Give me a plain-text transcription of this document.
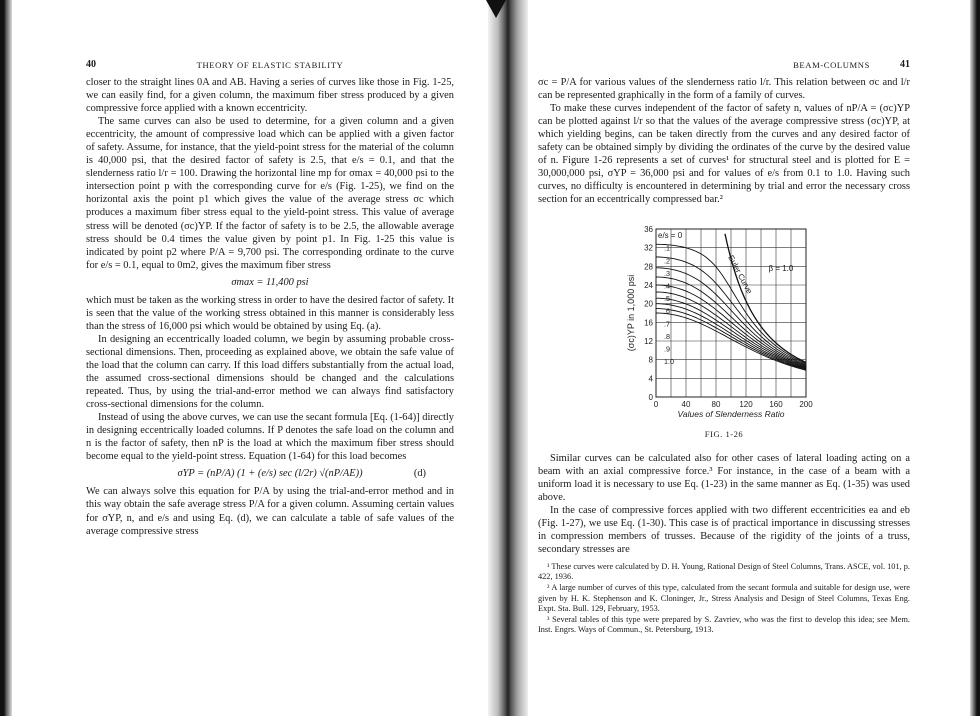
40	THEORY OF ELASTIC STABILITY

closer to the straight lines 0A and AB. Having a series of curves like those in Fig. 1-25, we can easily find, for a given column, the maximum fiber stress produced by a given compressive force applied with a known eccentricity.

The same curves can also be used to determine, for a given column and a given eccentricity, the amount of compressive load which can be applied with a given factor of safety. Assume, for instance, that the yield-point stress for the material of the column is 40,000 psi, that the desired factor of safety is 2.5, that e/s = 0.1, and that the slenderness ratio l/r = 100. Drawing the horizontal line mp for σmax = 40,000 psi to the intersection point p with the corresponding curve for e/s (Fig. 1-25), we find on the horizontal axis the point p1 which gives the value of the average stress σc which produces a maximum fiber stress equal to the yield-point stress. This value of average stress will be denoted (σc)YP. If the factor of safety is to be 2.5, the allowable average stress should be 0.4 times the value given by point p1. In Fig. 1-25 this value is indicated by point p2 where P/A = 9,700 psi. The corresponding ordinate to the curve for e/s = 0.1, equal to 0m2, gives the maximum fiber stress

σmax = 11,400 psi

which must be taken as the working stress in order to have the desired factor of safety. It is seen that the value of the working stress obtained in this manner is considerably less than the stress of 16,000 psi which would be obtained by using Eq. (a).

In designing an eccentrically loaded column, we begin by assuming probable cross-sectional dimensions. Then, proceeding as explained above, we obtain the safe value of the load that the column can carry. If this load differs substantially from the actual load, the assumed cross-sectional dimensions should be changed and the calculations repeated. Thus, by using the trial-and-error method we can always find satisfactory cross-sectional dimensions for the column.

Instead of using the above curves, we can use the secant formula [Eq. (1-64)] directly in designing eccentrically loaded columns. If P denotes the safe load on the column and n is the factor of safety, then nP is the load at which the maximum fiber stress should become equal to the yield-point stress. Equation (1-64) for this load becomes

σYP = (nP/A) (1 + (e/s) sec (l/2r) √(nP/AE))	(d)

We can always solve this equation for P/A by using the trial-and-error method and in this way obtain the safe average stress P/A for a given column. Assuming certain values for σYP, n, and e/s and using Eq. (d), we can calculate a table of safe values of the average compressive stress

BEAM-COLUMNS	41

σc = P/A for various values of the slenderness ratio l/r. This relation between σc and l/r can be represented graphically in the form of a family of curves.

To make these curves independent of the factor of safety n, values of nP/A = (σc)YP can be plotted against l/r so that the values of the average compressive stress (σc)YP, at which yielding begins, can be taken directly from the curves and any desired factor of safety can be obtained simply by dividing the ordinates of the curve by the desired value of n. Figure 1-26 represents a set of curves¹ for structural steel and is plotted for E = 30,000,000 psi, σYP = 36,000 psi and for values of e/s from 0.1 to 1.0. Having such curves, no difficulty is encountered in determining by trial and error the necessary cross section for an eccentrically compressed bar.²

36
32
28
24
20
16
12
8
4
0
0	40	80 120 160 200
(σc)YP in 1,000 psi
Values of Slenderness Ratio
e/s = 0
.1
.2
.3
.4
.5
.6
.7
.8
.9
1.0
β = 1.0
Euler Curve
FIG. 1-26

Similar curves can be calculated also for other cases of lateral loading acting on a beam with an axial compressive force.³ For instance, in the case of a beam with a uniform load it is necessary to use Eq. (1-23) in the same manner as Eq. (1-35) was used above.

In the case of compressive forces applied with two different eccentricities ea and eb (Fig. 1-27), we use Eq. (1-30). This case is of practical importance in discussing stresses in compression members of trusses. Because of the rigidity of the joints of a truss, secondary stresses are

¹ These curves were calculated by D. H. Young, Rational Design of Steel Columns, Trans. ASCE, vol. 101, p. 422, 1936.

² A large number of curves of this type, calculated from the secant formula and suitable for design use, were given by H. K. Stephenson and K. Cloninger, Jr., Stress Analysis and Design of Steel Columns, Texas Eng. Expt. Sta. Bull. 129, February, 1953.

³ Several tables of this type were prepared by S. Zavriev, who was the first to develop this idea; see Mem. Inst. Engrs. Ways of Commun., St. Petersburg, 1913.
